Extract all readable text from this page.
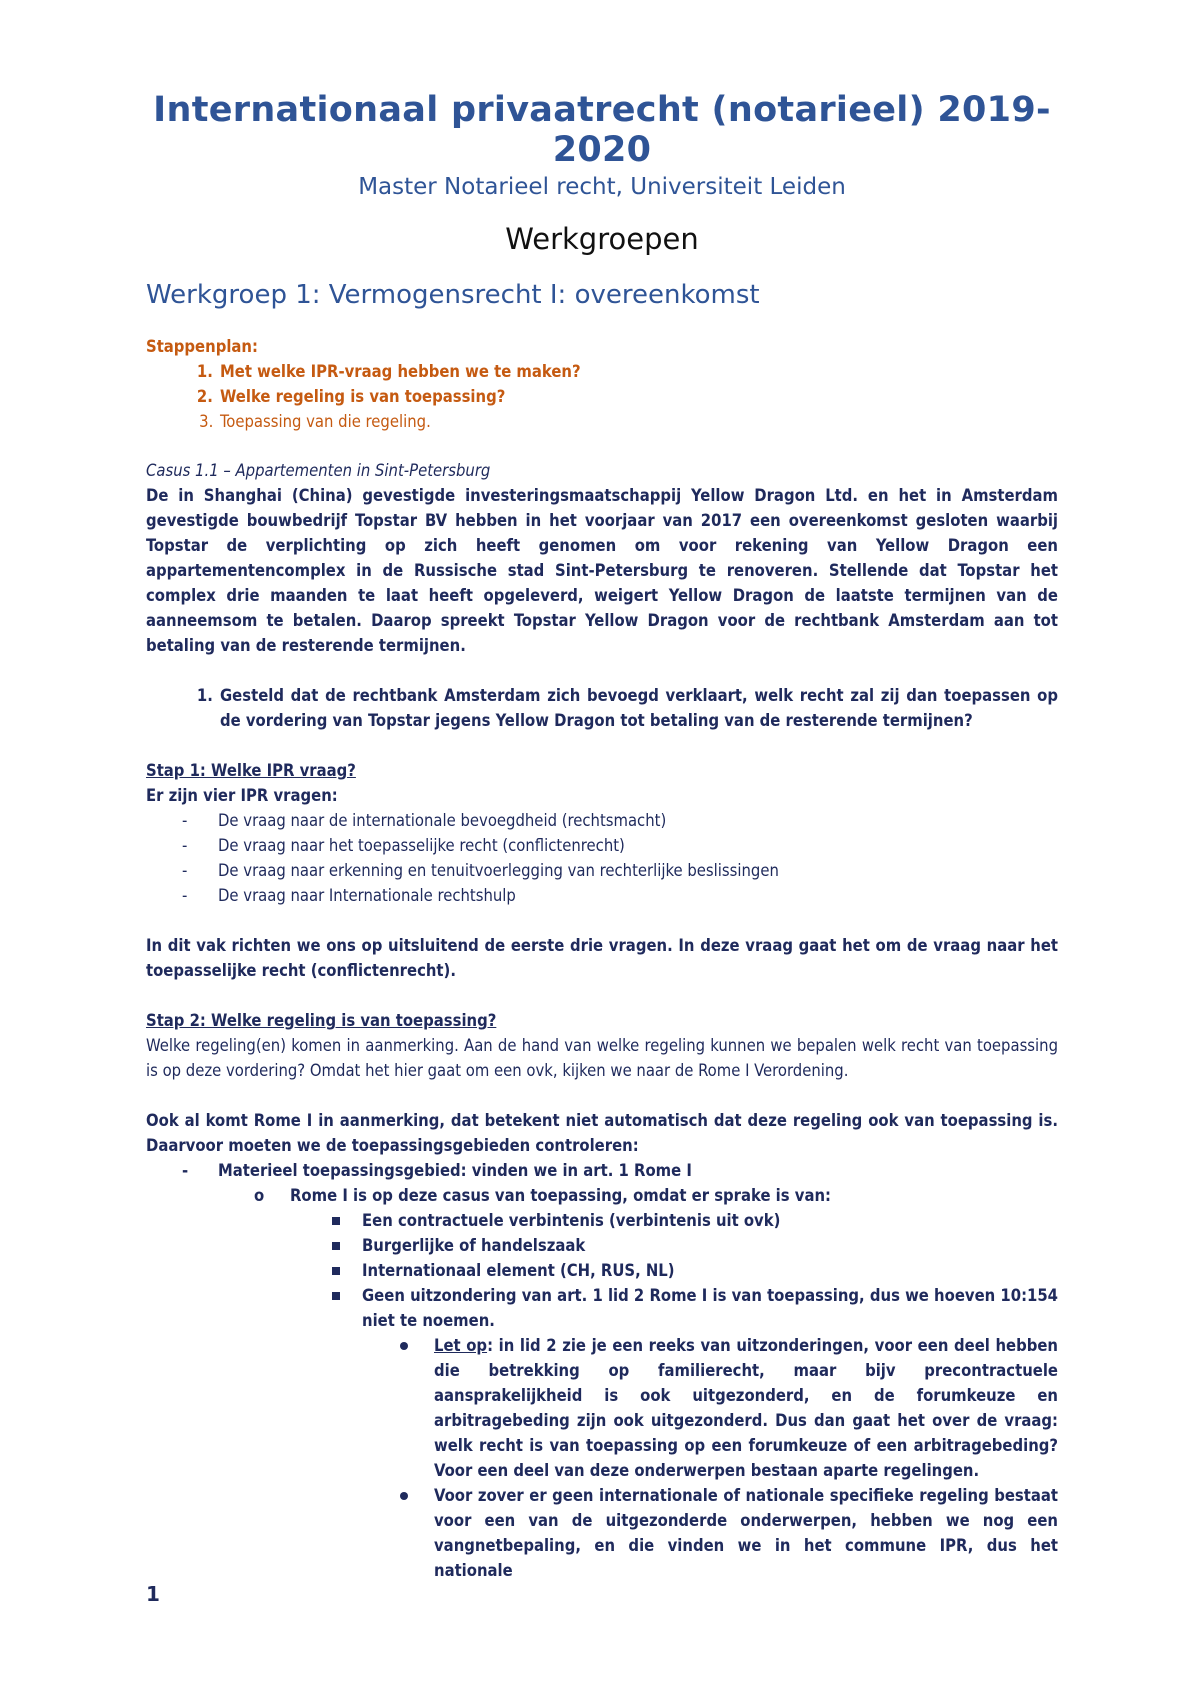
Internationaal privaatrecht (notarieel) 2019-2020
Master Notarieel recht, Universiteit Leiden
Werkgroepen
Werkgroep 1: Vermogensrecht I: overeenkomst
Stappenplan:
1. Met welke IPR-vraag hebben we te maken?
2. Welke regeling is van toepassing?
3. Toepassing van die regeling.
Casus 1.1 – Appartementen in Sint-Petersburg
De in Shanghai (China) gevestigde investeringsmaatschappij Yellow Dragon Ltd. en het in Amsterdam gevestigde bouwbedrijf Topstar BV hebben in het voorjaar van 2017 een overeenkomst gesloten waarbij Topstar de verplichting op zich heeft genomen om voor rekening van Yellow Dragon een appartementencomplex in de Russische stad Sint-Petersburg te renoveren. Stellende dat Topstar het complex drie maanden te laat heeft opgeleverd, weigert Yellow Dragon de laatste termijnen van de aanneemsom te betalen. Daarop spreekt Topstar Yellow Dragon voor de rechtbank Amsterdam aan tot betaling van de resterende termijnen.
1. Gesteld dat de rechtbank Amsterdam zich bevoegd verklaart, welk recht zal zij dan toepassen op de vordering van Topstar jegens Yellow Dragon tot betaling van de resterende termijnen?
Stap 1: Welke IPR vraag?
Er zijn vier IPR vragen:
-	De vraag naar de internationale bevoegdheid (rechtsmacht)
-	De vraag naar het toepasselijke recht (conflictenrecht)
-	De vraag naar erkenning en tenuitvoerlegging van rechterlijke beslissingen
-	De vraag naar Internationale rechtshulp
In dit vak richten we ons op uitsluitend de eerste drie vragen. In deze vraag gaat het om de vraag naar het toepasselijke recht (conflictenrecht).
Stap 2: Welke regeling is van toepassing?
Welke regeling(en) komen in aanmerking. Aan de hand van welke regeling kunnen we bepalen welk recht van toepassing is op deze vordering? Omdat het hier gaat om een ovk, kijken we naar de Rome I Verordening.
Ook al komt Rome I in aanmerking, dat betekent niet automatisch dat deze regeling ook van toepassing is. Daarvoor moeten we de toepassingsgebieden controleren:
-	Materieel toepassingsgebied: vinden we in art. 1 Rome I
o Rome I is op deze casus van toepassing, omdat er sprake is van:
Een contractuele verbintenis (verbintenis uit ovk)
Burgerlijke of handelszaak
Internationaal element (CH, RUS, NL)
Geen uitzondering van art. 1 lid 2 Rome I is van toepassing, dus we hoeven 10:154 niet te noemen.
Let op: in lid 2 zie je een reeks van uitzonderingen, voor een deel hebben die betrekking op familierecht, maar bijv precontractuele aansprakelijkheid is ook uitgezonderd, en de forumkeuze en arbitragebeding zijn ook uitgezonderd. Dus dan gaat het over de vraag: welk recht is van toepassing op een forumkeuze of een arbitragebeding? Voor een deel van deze onderwerpen bestaan aparte regelingen.
Voor zover er geen internationale of nationale specifieke regeling bestaat voor een van de uitgezonderde onderwerpen, hebben we nog een vangnetbepaling, en die vinden we in het commune IPR, dus het nationale
1
